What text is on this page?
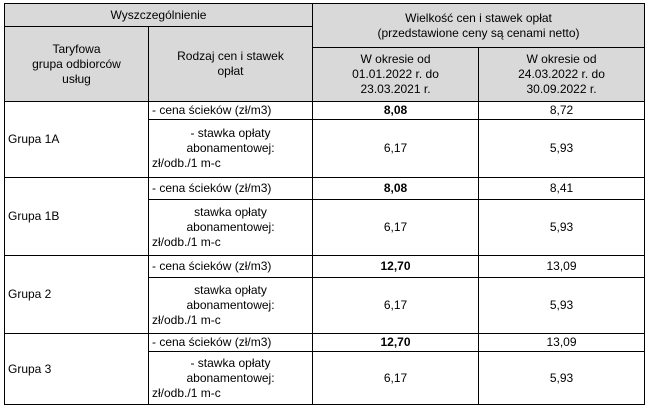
Wyszczególnienie		Wielkość cen i stawek opłat
(przedstawione ceny są cenami netto)	

Taryfowa
grupa odbiorców
usług	Rodzaj cen i stawek
opłat		

		W okresie od
01.01.2022 r. do
23.03.2021 r.	W okresie od
24.03.2022 r. do
30.09.2022 r.

Grupa 1A	- cena ścieków (zł/m3)	8,08	8,72

	- stawka opłaty
abonamentowej:
zł/odb./1 m-c	6,17	5,93
Grupa 1B	- cena ścieków (zł/m3)	8,08	8,41

	stawka opłaty
abonamentowej:
zł/odb./1 m-c	6,17	5,93
Grupa 2	- cena ścieków (zł/m3)	12,70	13,09

	stawka opłaty
abonamentowej:
zł/odb./1 m-c	6,17	5,93
Grupa 3	- cena ścieków (zł/m3)	12,70	13,09

	- stawka opłaty
abonamentowej:
zł/odb./1 m-c	6,17	5,93
